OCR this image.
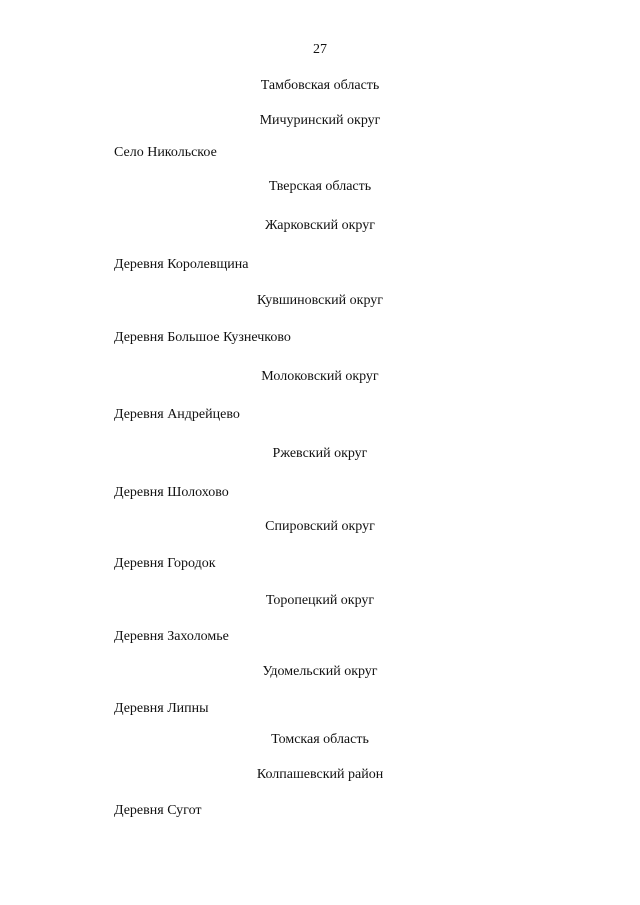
27
Тамбовская область
Мичуринский округ
Село Никольское
Тверская область
Жарковский округ
Деревня Королевщина
Кувшиновский округ
Деревня Большое Кузнечково
Молоковский округ
Деревня Андрейцево
Ржевский округ
Деревня Шолохово
Спировский округ
Деревня Городок
Торопецкий округ
Деревня Захоломье
Удомельский округ
Деревня Липны
Томская область
Колпашевский район
Деревня Сугот
